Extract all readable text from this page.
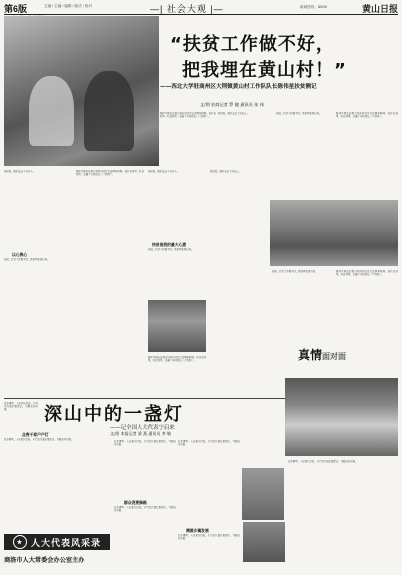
第6版	主编 / 主编 / 编辑 / 版式 / 校对	—| 社会大观 |—	新闻热线 · 4888	黄山日报
“扶贫工作做不好，
把我埋在黄山村！”
——西北大学驻商州区大荆镇黄山村工作队队长陈伟星扶贫侧记
文/图 驻商记者 罗 婕 通讯员 张 伟
陈伟星同志在黄山村驻村扶贫已近两年时间。他住在村里，吃在村里，走遍了全村的每一户贫困户。
村民说，陈队长是个实在人。	他说，扶贫工作做不好，把我埋在黄山村。	陈伟星同志在黄山村驻村扶贫已近两年时间。他住在村里，吃在村里，走遍了全村的每一户贫困户。
村民说，陈队长是个实在人。
以心换心
他说，扶贫工作做不好，把我埋在黄山村。
陈伟星同志在黄山村驻村扶贫已近两年时间。他住在村里，吃在村里，走遍了全村的每一户贫困户。
村民说，陈队长是个实在人。
扶贫是我的最大心愿
他说，扶贫工作做不好，把我埋在黄山村。
陈伟星同志在黄山村驻村扶贫已近两年时间。他住在村里，吃在村里，走遍了全村的每一户贫困户。
村民说，陈队长是个实在人。
他说，扶贫工作做不好，把我埋在黄山村。	陈伟星同志在黄山村驻村扶贫已近两年时间。他住在村里，吃在村里，走遍了全村的每一户贫困户。
真情面对面
深山中的一盏灯
——记全国人大代表宁启来
文/图 本报记者 梁 燕 通讯员 李 敏
在乡镇里，大家都认识他，宁启来代表扎根深山，为群众办实事。
点亮千家户户灯
在乡镇里，大家都认识他，宁启来代表扎根深山，为群众办实事。
在乡镇里，大家都认识他，宁启来代表扎根深山，为群众办实事。
群众说要修路
在乡镇里，大家都认识他，宁启来代表扎根深山，为群众办实事。
在乡镇里，大家都认识他，宁启来代表扎根深山，为群众办实事。
溯源乡镇发展
在乡镇里，大家都认识他，宁启来代表扎根深山，为群众办实事。
在乡镇里，大家都认识他，宁启来代表扎根深山，为群众办实事。
★ 人大代表风采录
商洛市人大常委会办公室主办
